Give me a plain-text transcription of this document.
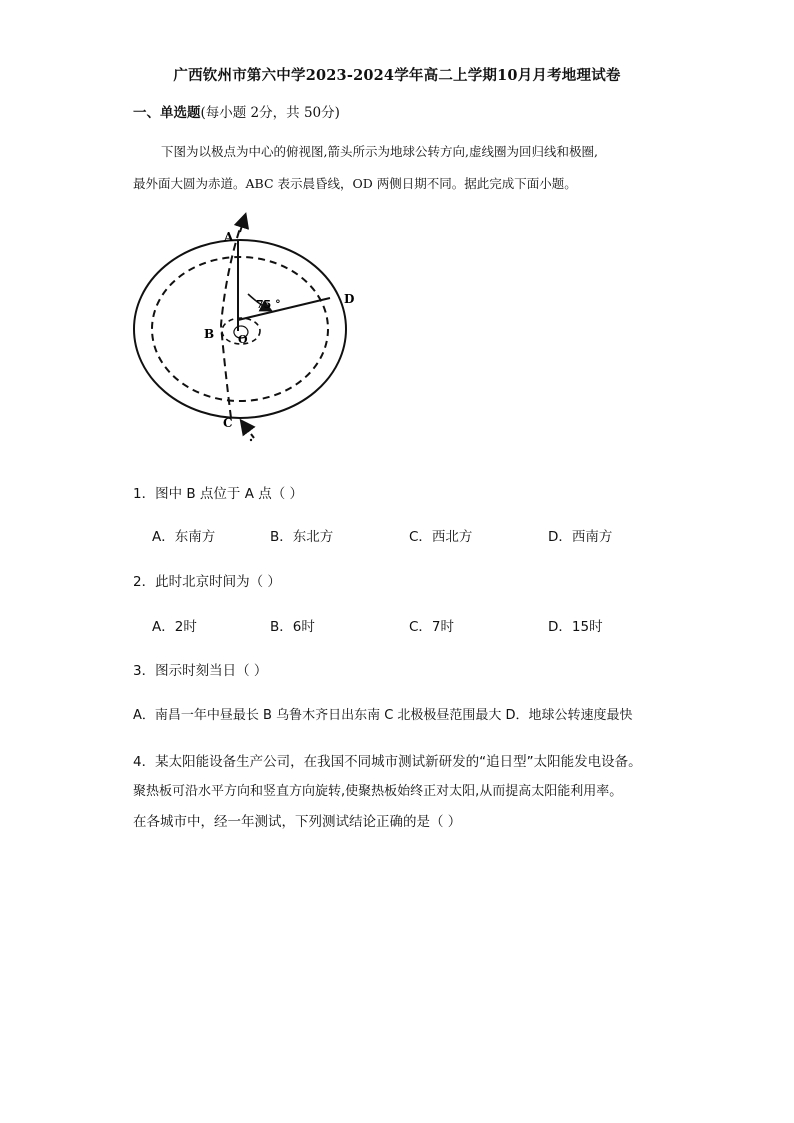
广西钦州市第六中学2023-2024学年高二上学期10月月考地理试卷
一、单选题(每小题 2分，共 50分)
下图为以极点为中心的俯视图,箭头所示为地球公转方向,虚线圈为回归线和极圈,
最外面大圆为赤道。ABC 表示晨昏线，OD 两侧日期不同。据此完成下面小题。
A
B
C
D
O
75 °
1．图中 B 点位于 A 点（ ）
A．东南方	B．东北方	C．西北方	D．西南方
2．此时北京时间为（ ）
A．2时	B．6时	C．7时	D．15时
3．图示时刻当日（ ）
A．南昌一年中昼最长 B 乌鲁木齐日出东南 C 北极极昼范围最大 D．地球公转速度最快
4．某太阳能设备生产公司，在我国不同城市测试新研发的“追日型”太阳能发电设备。
聚热板可沿水平方向和竖直方向旋转,使聚热板始终正对太阳,从而提高太阳能利用率。
在各城市中，经一年测试，下列测试结论正确的是（ ）
